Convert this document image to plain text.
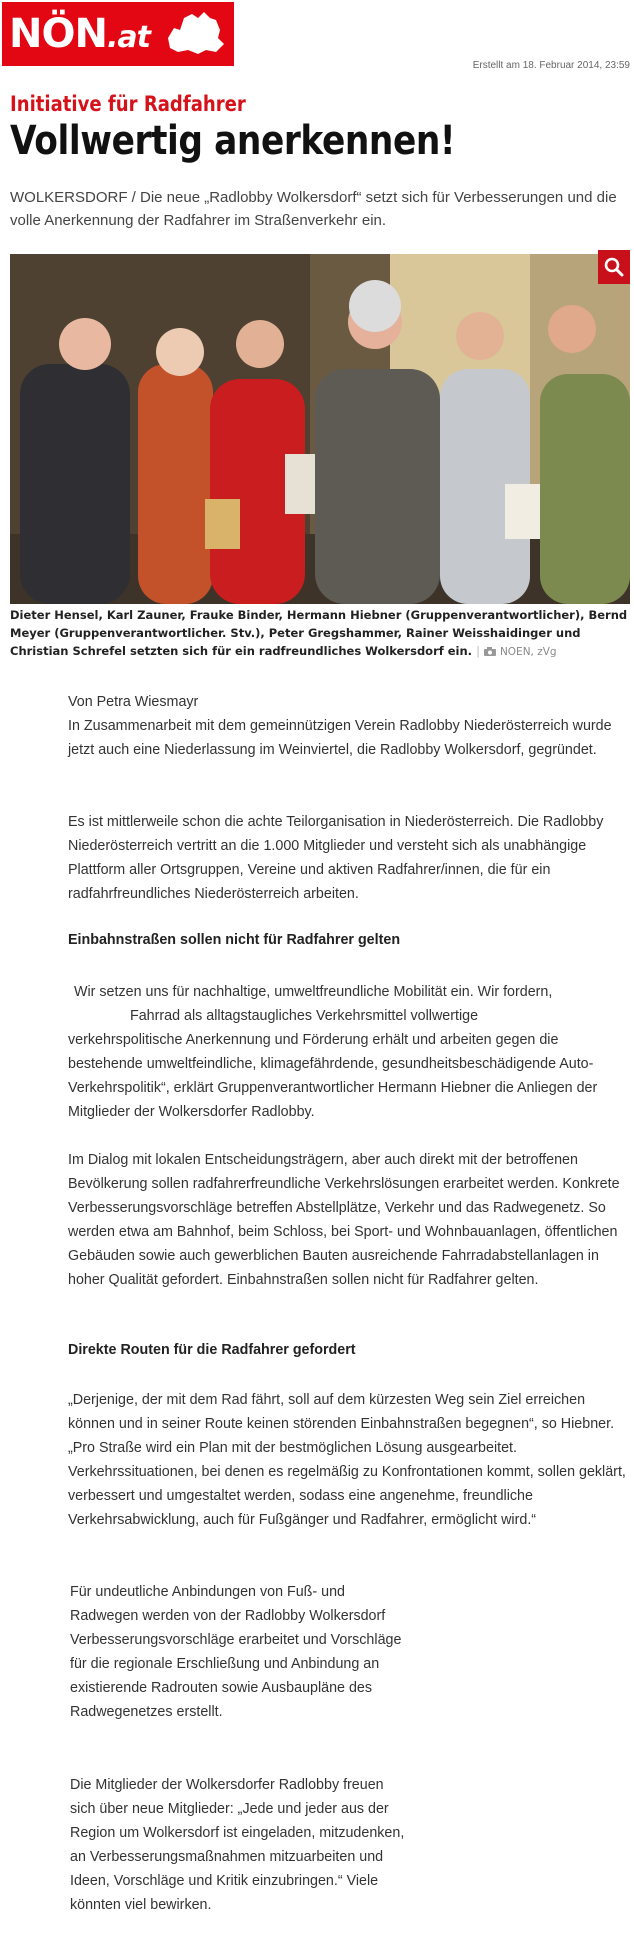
NÖN.at
Erstellt am 18. Februar 2014, 23:59
Initiative für Radfahrer
Vollwertig anerkennen!

WOLKERSDORF / Die neue „Radlobby Wolkersdorf“ setzt sich für Verbesserungen und die volle Anerkennung der Radfahrer im Straßenverkehr ein.

Dieter Hensel, Karl Zauner, Frauke Binder, Hermann Hiebner (Gruppenverantwortlicher), Bernd Meyer (Gruppenverantwortlicher. Stv.), Peter Gregshammer, Rainer Weisshaidinger und Christian Schrefel setzten sich für ein radfreundliches Wolkersdorf ein. | NOEN, zVg
Von Petra Wiesmayr

In Zusammenarbeit mit dem gemeinnützigen Verein Radlobby Niederösterreich wurde jetzt auch eine Niederlassung im Weinviertel, die Radlobby Wolkersdorf, gegründet.

Es ist mittlerweile schon die achte Teilorganisation in Niederösterreich. Die Radlobby Niederösterreich vertritt an die 1.000 Mitglieder und versteht sich als unabhängige Plattform aller Ortsgruppen, Vereine und aktiven Radfahrer/innen, die für ein radfahrfreundliches Niederösterreich arbeiten.

Einbahnstraßen sollen nicht für Radfahrer gelten
Wir setzen uns für nachhaltige, umweltfreundliche Mobilität ein. Wir fordern,
Fahrrad als alltagstaugliches Verkehrsmittel vollwertige
verkehrspolitische Anerkennung und Förderung erhält und arbeiten gegen die bestehende umweltfeindliche, klimagefährdende, gesundheitsbeschädigende Auto-Verkehrspolitik“, erklärt Gruppenverantwortlicher Hermann Hiebner die Anliegen der Mitglieder der Wolkersdorfer Radlobby.

Im Dialog mit lokalen Entscheidungsträgern, aber auch direkt mit der betroffenen Bevölkerung sollen radfahrerfreundliche Verkehrslösungen erarbeitet werden. Konkrete Verbesserungsvorschläge betreffen Abstellplätze, Verkehr und das Radwegenetz. So werden etwa am Bahnhof, beim Schloss, bei Sport- und Wohnbauanlagen, öffentlichen Gebäuden sowie auch gewerblichen Bauten ausreichende Fahrradabstellanlagen in hoher Qualität gefordert. Einbahnstraßen sollen nicht für Radfahrer gelten.

Direkte Routen für die Radfahrer gefordert

„Derjenige, der mit dem Rad fährt, soll auf dem kürzesten Weg sein Ziel erreichen können und in seiner Route keinen störenden Einbahnstraßen begegnen“, so Hiebner. „Pro Straße wird ein Plan mit der bestmöglichen Lösung ausgearbeitet. Verkehrssituationen, bei denen es regelmäßig zu Konfrontationen kommt, sollen geklärt, verbessert und umgestaltet werden, sodass eine angenehme, freundliche Verkehrsabwicklung, auch für Fußgänger und Radfahrer, ermöglicht wird.“

Für undeutliche Anbindungen von Fuß- und Radwegen werden von der Radlobby Wolkersdorf Verbesserungsvorschläge erarbeitet und Vorschläge für die regionale Erschließung und Anbindung an existierende Radrouten sowie Ausbaupläne des Radwegenetzes erstellt.

Die Mitglieder der Wolkersdorfer Radlobby freuen sich über neue Mitglieder: „Jede und jeder aus der Region um Wolkersdorf ist eingeladen, mitzudenken, an Verbesserungsmaßnahmen mitzuarbeiten und Ideen, Vorschläge und Kritik einzubringen.“ Viele könnten viel bewirken.
